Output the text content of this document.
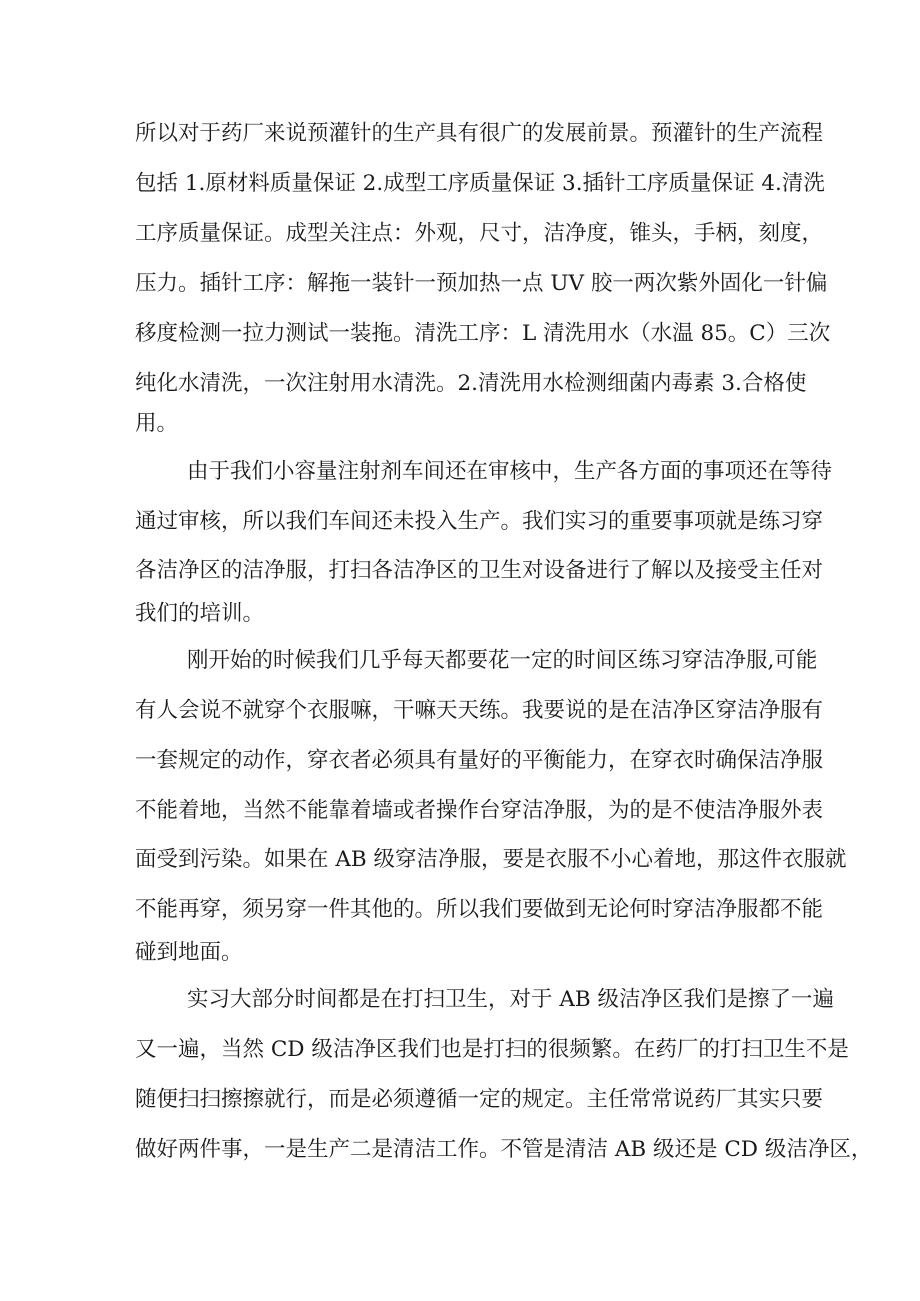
所以对于药厂来说预灌针的生产具有很广的发展前景。预灌针的生产流程
包括 1.原材料质量保证 2.成型工序质量保证 3.插针工序质量保证 4.清洗
工序质量保证。成型关注点：外观，尺寸，洁净度，锥头，手柄，刻度，
压力。插针工序：解拖一装针一预加热一点 UV 胶一两次紫外固化一针偏
移度检测一拉力测试一装拖。清洗工序：L 清洗用水（水温 85。C）三次
纯化水清洗，一次注射用水清洗。2.清洗用水检测细菌内毒素 3.合格使
用。
由于我们小容量注射剂车间还在审核中，生产各方面的事项还在等待
通过审核，所以我们车间还未投入生产。我们实习的重要事项就是练习穿
各洁净区的洁净服，打扫各洁净区的卫生对设备进行了解以及接受主任对
我们的培训。
刚开始的时候我们几乎每天都要花一定的时间区练习穿洁净服,可能
有人会说不就穿个衣服嘛，干嘛天天练。我要说的是在洁净区穿洁净服有
一套规定的动作，穿衣者必须具有量好的平衡能力，在穿衣时确保洁净服
不能着地，当然不能靠着墙或者操作台穿洁净服，为的是不使洁净服外表
面受到污染。如果在 AB 级穿洁净服，要是衣服不小心着地，那这件衣服就
不能再穿，须另穿一件其他的。所以我们要做到无论何时穿洁净服都不能
碰到地面。
实习大部分时间都是在打扫卫生，对于 AB 级洁净区我们是擦了一遍
又一遍，当然 CD 级洁净区我们也是打扫的很频繁。在药厂的打扫卫生不是
随便扫扫擦擦就行，而是必须遵循一定的规定。主任常常说药厂其实只要
做好两件事，一是生产二是清洁工作。不管是清洁 AB 级还是 CD 级洁净区，
